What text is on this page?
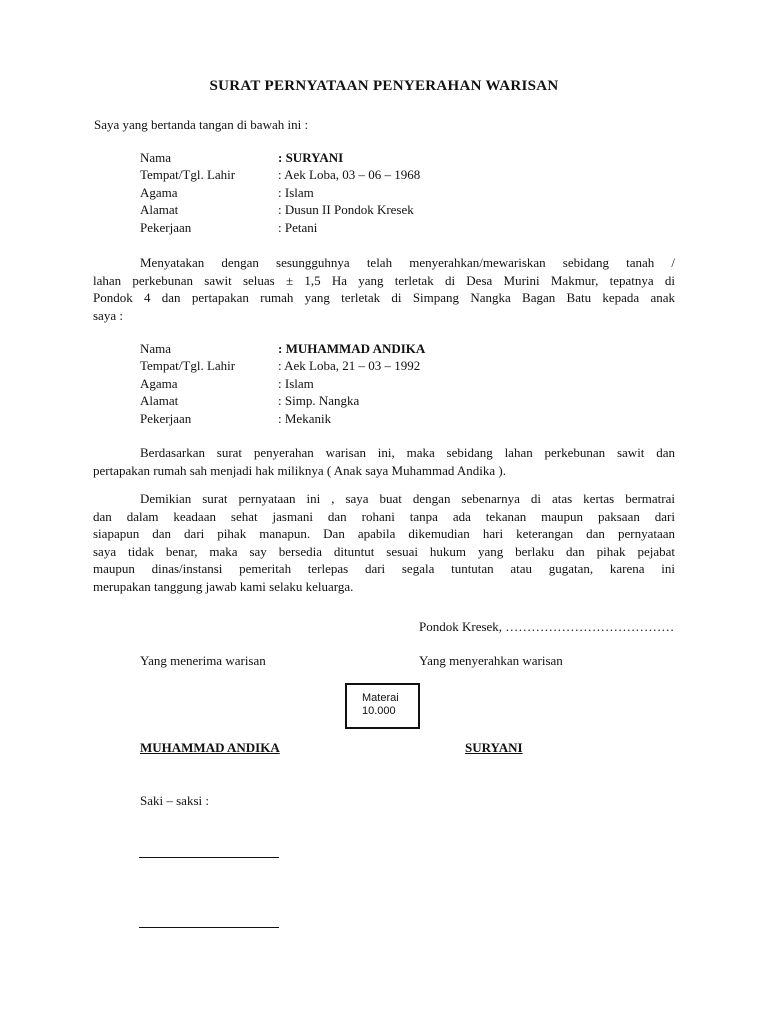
SURAT PERNYATAAN PENYERAHAN WARISAN
Saya yang bertanda tangan di bawah ini :
Nama	: SURYANI
Tempat/Tgl. Lahir	: Aek Loba, 03 – 06 – 1968
Agama	: Islam
Alamat	: Dusun II Pondok Kresek
Pekerjaan	: Petani
Menyatakan dengan sesungguhnya telah menyerahkan/mewariskan sebidang tanah /
lahan perkebunan sawit seluas ± 1,5 Ha yang terletak di Desa Murini Makmur, tepatnya di
Pondok 4 dan pertapakan rumah yang terletak di Simpang Nangka Bagan Batu kepada anak
saya :
Nama	: MUHAMMAD ANDIKA
Tempat/Tgl. Lahir	: Aek Loba, 21 – 03 – 1992
Agama	: Islam
Alamat	: Simp. Nangka
Pekerjaan	: Mekanik
Berdasarkan surat penyerahan warisan ini, maka sebidang lahan perkebunan sawit dan
pertapakan rumah sah menjadi hak miliknya ( Anak saya Muhammad Andika ).
Demikian surat pernyataan ini , saya buat dengan sebenarnya di atas kertas bermatrai
dan dalam keadaan sehat jasmani dan rohani tanpa ada tekanan maupun paksaan dari
siapapun dan dari pihak manapun. Dan apabila dikemudian hari keterangan dan pernyataan
saya tidak benar, maka say bersedia dituntut sesuai hukum yang berlaku dan pihak pejabat
maupun dinas/instansi pemeritah terlepas dari segala tuntutan atau gugatan, karena ini
merupakan tanggung jawab kami selaku keluarga.
Pondok Kresek, …………………………………
Yang menerima warisan	Yang menyerahkan warisan
Materai
10.000
MUHAMMAD ANDIKA	SURYANI
Saki – saksi :
